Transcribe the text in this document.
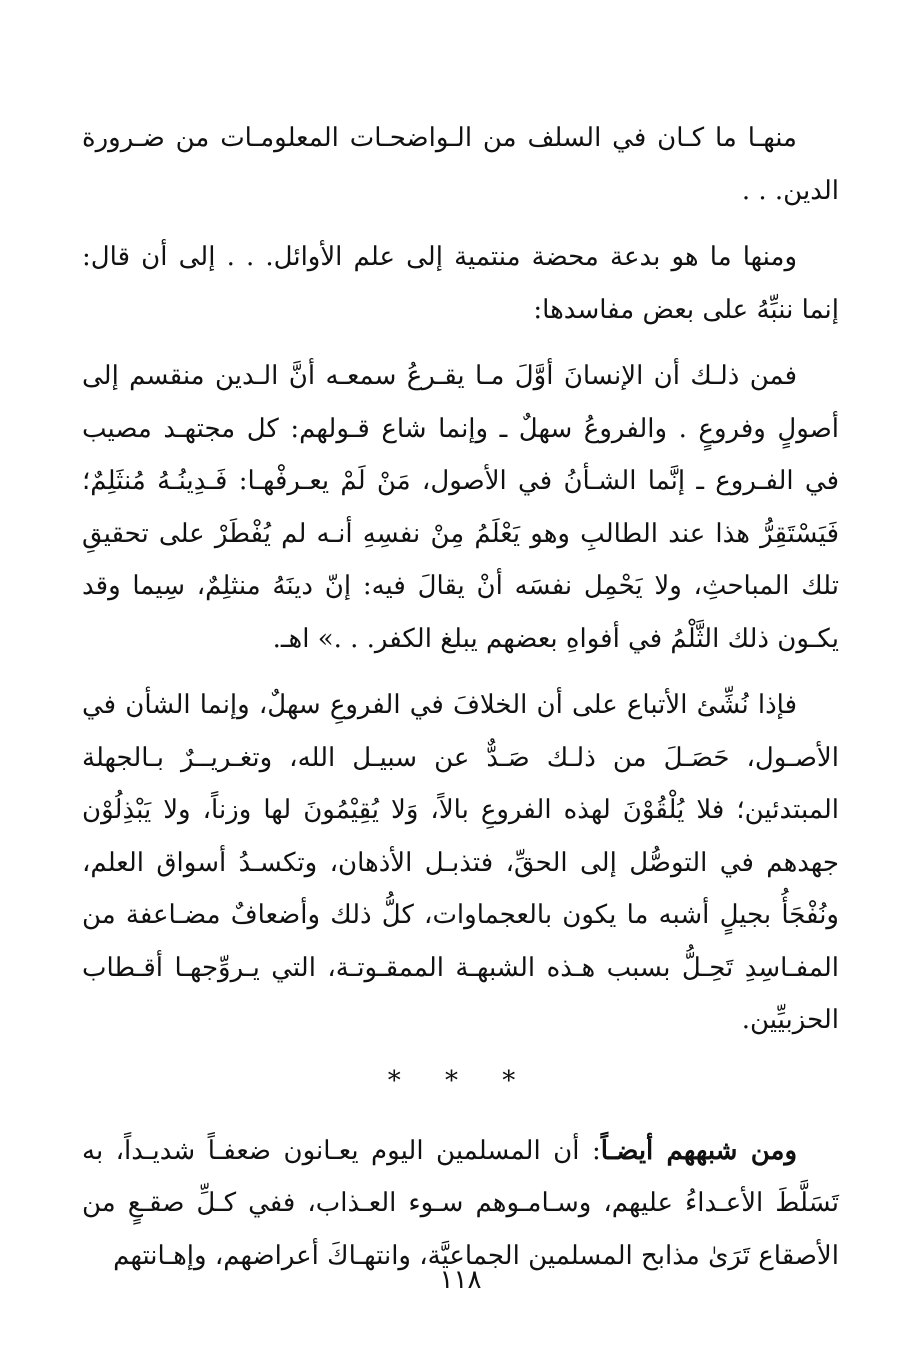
منهـا ما كـان في السلف من الـواضحـات المعلومـات من ضـرورة الدين. . .

ومنها ما هو بدعة محضة منتمية إلى علم الأوائل. . . إلى أن قال: إنما ننبِّهُ على بعض مفاسدها:

فمن ذلـك أن الإنسانَ أوَّلَ مـا يقـرعُ سمعـه أنَّ الـدين منقسم إلى أصولٍ وفروعٍ . والفروعُ سهلٌ ـ وإنما شاع قـولهم: كل مجتهـد مصيب في الفـروع ـ إنَّما الشـأنُ في الأصول، مَنْ لَمْ يعـرفْهـا: فَـدِينُـهُ مُنثَلِمٌ؛ فَيَسْتَقِرُّ هذا عند الطالبِ وهو يَعْلَمُ مِنْ نفسِهِ أنـه لم يُفْطَرْ على تحقيقِ تلك المباحثِ، ولا يَحْمِل نفسَه أنْ يقالَ فيه: إنّ دينَهُ منثلِمٌ، سِيما وقد يكـون ذلك الثَّلْمُ في أفواهِ بعضهم يبلغ الكفر. . .» اهـ.

فإذا نُشِّئ الأتباع على أن الخلافَ في الفروعِ سهلٌ، وإنما الشأن في الأصـول، حَصَـلَ من ذلـك صَـدٌّ عن سبيـل الله، وتغـريــرٌ بـالجهلة المبتدئين؛ فلا يُلْقُوْنَ لهذه الفروعِ بالاً، وَلا يُقِيْمُونَ لها وزناً، ولا يَبْذِلُوْن جهدهم في التوصُّل إلى الحقِّ، فتذبـل الأذهان، وتكسـدُ أسواق العلم، ونُفْجَأُ بجيلٍ أشبه ما يكون بالعجماوات، كلُّ ذلك وأضعافٌ مضـاعفة من المفـاسِدِ تَحِـلُّ بسبب هـذه الشبهـة الممقـوتـة، التي يـروِّجهـا أقـطاب الحزبيِّين.

* * *

ومن شبههم أيضـاً: أن المسلمين اليوم يعـانون ضعفـاً شديـداً، به تَسَلَّطَ الأعـداءُ عليهم، وسـامـوهم سـوء العـذاب، ففي كـلِّ صقـعٍ من الأصقاع تَرَىٰ مذابح المسلمين الجماعيَّة، وانتهـاكَ أعراضهم، وإهـانتهم

١١٨
